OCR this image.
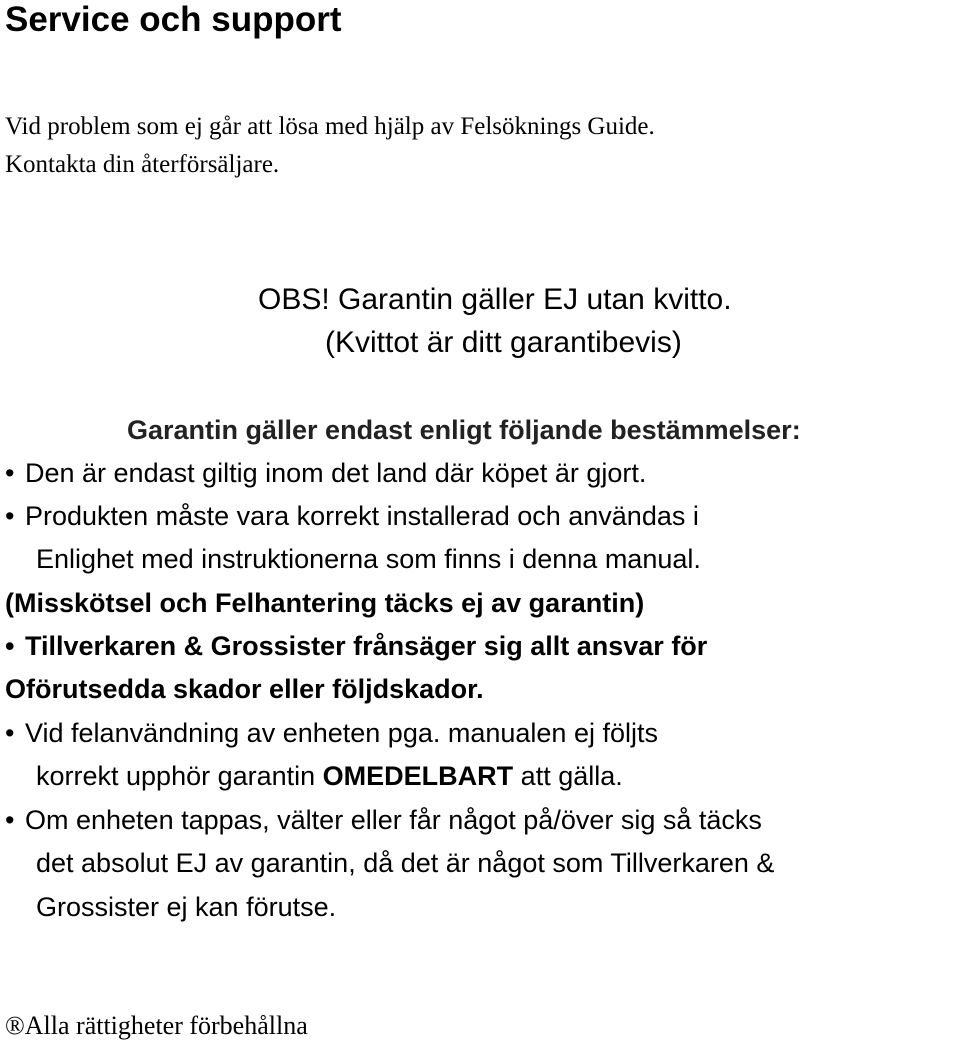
Service och support
Vid problem som ej går att lösa med hjälp av Felsöknings Guide.
Kontakta din återförsäljare.
OBS! Garantin gäller EJ utan kvitto.
(Kvittot är ditt garantibevis)
Garantin gäller endast enligt följande bestämmelser:
• Den är endast giltig inom det land där köpet är gjort.
• Produkten måste vara korrekt installerad och användas i
Enlighet med instruktionerna som finns i denna manual.
(Misskötsel och Felhantering täcks ej av garantin)
• Tillverkaren & Grossister frånsäger sig allt ansvar för
Oförutsedda skador eller följdskador.
• Vid felanvändning av enheten pga. manualen ej följts
korrekt upphör garantin OMEDELBART att gälla.
• Om enheten tappas, välter eller får något på/över sig så täcks
det absolut EJ av garantin, då det är något som Tillverkaren &
Grossister ej kan förutse.
®Alla rättigheter förbehållna
